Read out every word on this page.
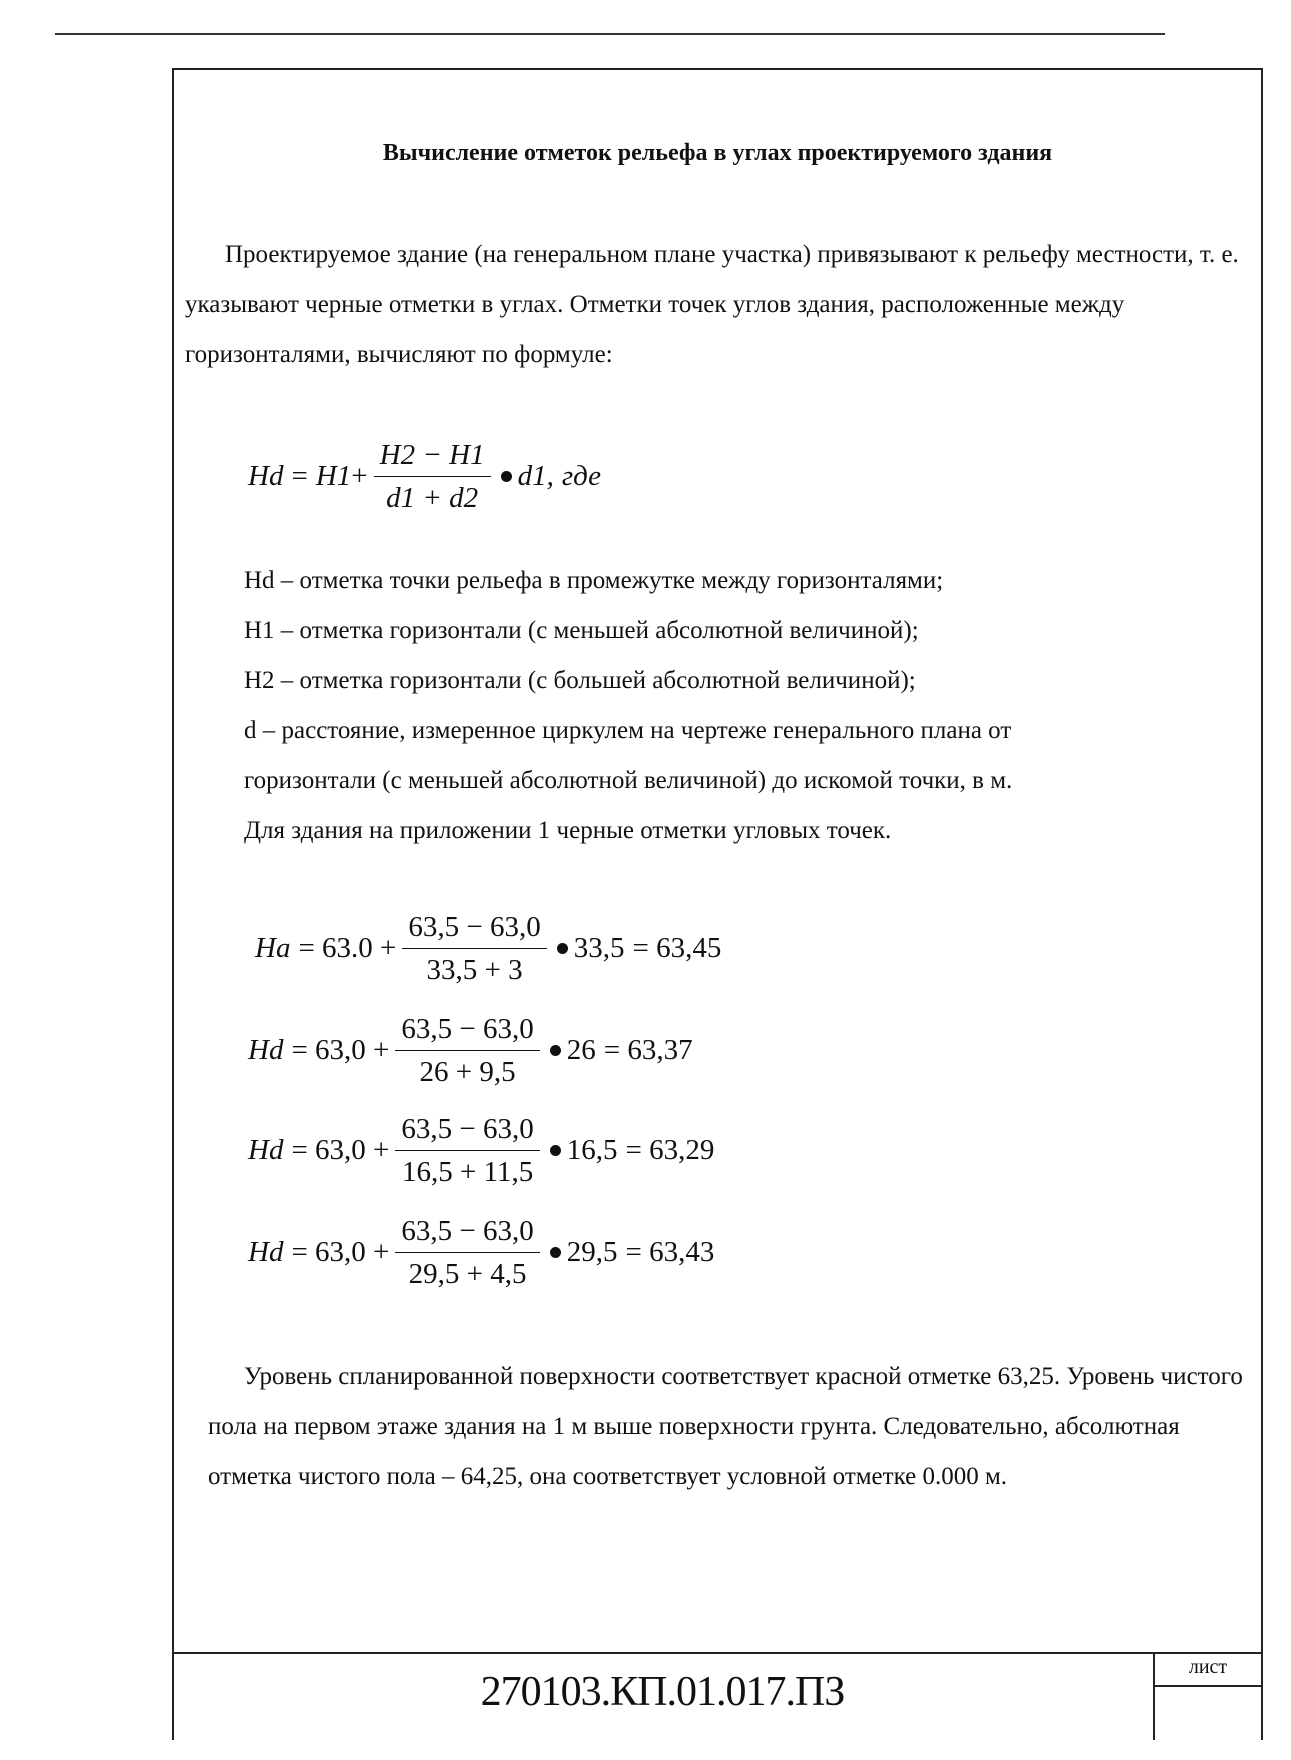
лист
270103.КП.01.017.ПЗ
Вычисление отметок рельефа в углах проектируемого здания
Проектируемое здание (на генеральном плане участка) привязывают к рельефу местности, т. е. указывают черные отметки в углах. Отметки точек углов здания, расположенные между горизонталями, вычисляют по формуле:
$Hd = H1 + \frac{H2 - H1}{d1 + d2} d1$, где
Hd – отметка точки рельефа в промежутке между горизонталями;
H1 – отметка горизонтали (с меньшей абсолютной величиной);
H2 – отметка горизонтали (с большей абсолютной величиной);
d – расстояние, измеренное циркулем на чертеже генерального плана от
горизонтали (с меньшей абсолютной величиной) до искомой точки, в м.
Для здания на приложении 1 черные отметки угловых точек.
$Ha = 63.0 + \frac{63,5 - 63,0}{33,5 + 3} 33,5 = 63,45$
$Hd = 63,0 + \frac{63,5 - 63,0}{26 + 9,5} 26 = 63,37$
$Hd = 63,0 + \frac{63,5 - 63,0}{16,5 + 11,5} 16,5 = 63,29$
$Hd = 63,0 + \frac{63,5 - 63,0}{29,5 + 4,5} 29,5 = 63,43$
Уровень спланированной поверхности соответствует красной отметке 63,25. Уровень чистого пола на первом этаже здания на 1 м выше поверхности грунта. Следовательно, абсолютная отметка чистого пола – 64,25, она соответствует условной отметке 0.000 м.
